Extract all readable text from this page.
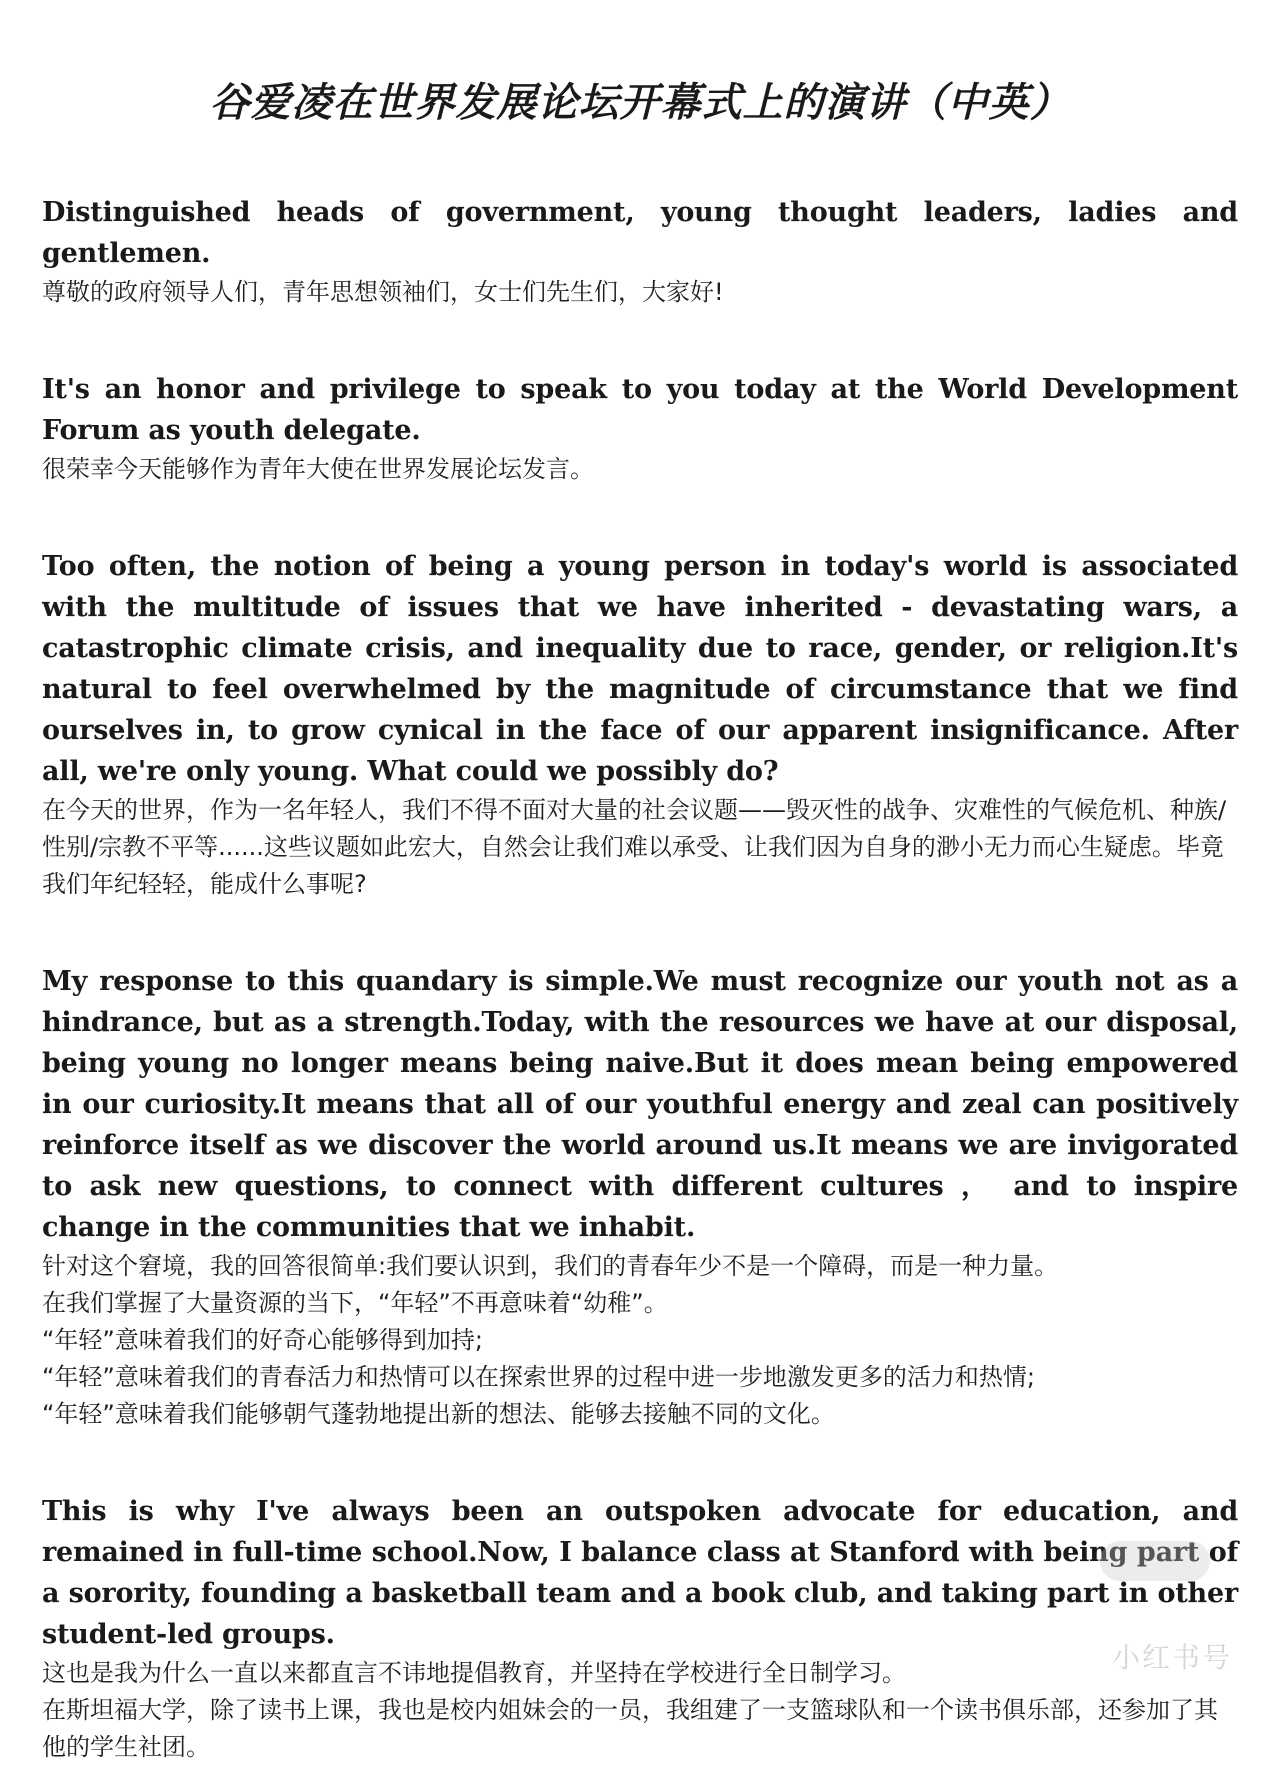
谷爱凌在世界发展论坛开幕式上的演讲（中英）

Distinguished heads of government, young thought leaders, ladies and gentlemen.

尊敬的政府领导人们，青年思想领袖们，女士们先生们，大家好!

It's an honor and privilege to speak to you today at the World Development Forum as youth delegate.

很荣幸今天能够作为青年大使在世界发展论坛发言。

Too often, the notion of being a young person in today's world is associated with the multitude of issues that we have inherited - devastating wars, a catastrophic climate crisis, and inequality due to race, gender, or religion.It's natural to feel overwhelmed by the magnitude of circumstance that we find ourselves in, to grow cynical in the face of our apparent insignificance. After all, we're only young. What could we possibly do?

在今天的世界，作为一名年轻人，我们不得不面对大量的社会议题——毁灭性的战争、灾难性的气候危机、种族/性别/宗教不平等......这些议题如此宏大，自然会让我们难以承受、让我们因为自身的渺小无力而心生疑虑。毕竟我们年纪轻轻，能成什么事呢?

My response to this quandary is simple.We must recognize our youth not as a hindrance, but as a strength.Today, with the resources we have at our disposal, being young no longer means being naive.But it does mean being empowered in our curiosity.It means that all of our youthful energy and zeal can positively reinforce itself as we discover the world around us.It means we are invigorated to ask new questions, to connect with different cultures ， and to inspire change in the communities that we inhabit.

针对这个窘境，我的回答很简单:我们要认识到，我们的青春年少不是一个障碍，而是一种力量。

在我们掌握了大量资源的当下，“年轻”不再意味着“幼稚”。

“年轻”意味着我们的好奇心能够得到加持;

“年轻”意味着我们的青春活力和热情可以在探索世界的过程中进一步地激发更多的活力和热情;

“年轻”意味着我们能够朝气蓬勃地提出新的想法、能够去接触不同的文化。

This is why I've always been an outspoken advocate for education, and remained in full-time school.Now, I balance class at Stanford with being part of a sorority, founding a basketball team and a book club, and taking part in other student-led groups.

这也是我为什么一直以来都直言不讳地提倡教育，并坚持在学校进行全日制学习。

在斯坦福大学，除了读书上课，我也是校内姐妹会的一员，我组建了一支篮球队和一个读书俱乐部，还参加了其他的学生社团。

小红书号
